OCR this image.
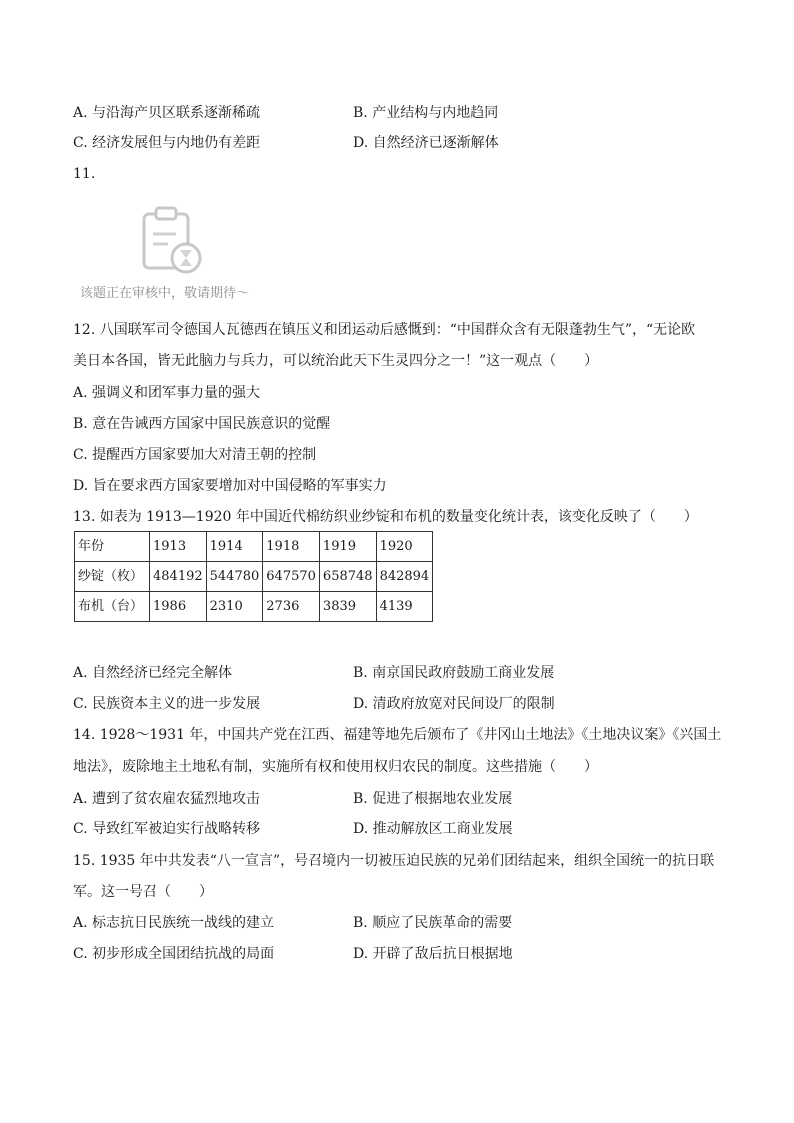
A. 与沿海产贝区联系逐渐稀疏	B. 产业结构与内地趋同
C. 经济发展但与内地仍有差距	D. 自然经济已逐渐解体
11.
该题正在审核中，敬请期待～
12. 八国联军司令德国人瓦德西在镇压义和团运动后感慨到：“中国群众含有无限蓬勃生气”，“无论欧
美日本各国，皆无此脑力与兵力，可以统治此天下生灵四分之一！”这一观点（　　）
A. 强调义和团军事力量的强大
B. 意在告诫西方国家中国民族意识的觉醒
C. 提醒西方国家要加大对清王朝的控制
D. 旨在要求西方国家要增加对中国侵略的军事实力
13. 如表为 1913—1920 年中国近代棉纺织业纱锭和布机的数量变化统计表，该变化反映了（　　）
年份	1913	1914	1918	1919	1920
纱锭（枚）	484192	544780	647570	658748	842894
布机（台）	1986	2310	2736	3839	4139
A. 自然经济已经完全解体	B. 南京国民政府鼓励工商业发展
C. 民族资本主义的进一步发展	D. 清政府放宽对民间设厂的限制
14. 1928～1931 年，中国共产党在江西、福建等地先后颁布了《井冈山土地法》《土地决议案》《兴国土
地法》，废除地主土地私有制，实施所有权和使用权归农民的制度。这些措施（　　）
A. 遭到了贫农雇农猛烈地攻击	B. 促进了根据地农业发展
C. 导致红军被迫实行战略转移	D. 推动解放区工商业发展
15. 1935 年中共发表“八一宣言”，号召境内一切被压迫民族的兄弟们团结起来，组织全国统一的抗日联
军。这一号召（　　）
A. 标志抗日民族统一战线的建立	B. 顺应了民族革命的需要
C. 初步形成全国团结抗战的局面	D. 开辟了敌后抗日根据地
